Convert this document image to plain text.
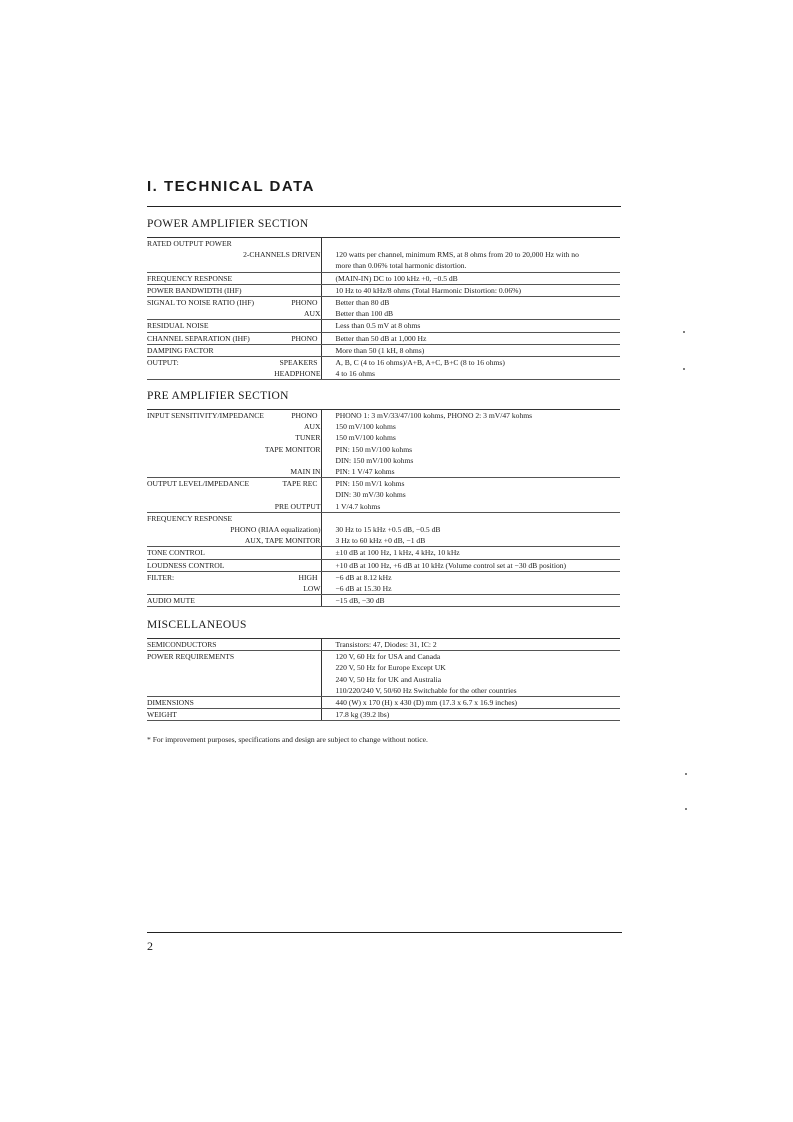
I. TECHNICAL DATA
POWER AMPLIFIER SECTION
RATED OUTPUT POWER	

2-CHANNELS DRIVEN	120 watts per channel, minimum RMS, at 8 ohms from 20 to 20,000 Hz with no
	more than 0.06% total harmonic distortion.
FREQUENCY RESPONSE	(MAIN-IN) DC to 100 kHz +0, −0.5 dB
POWER BANDWIDTH (IHF)	10 Hz to 40 kHz/8 ohms (Total Harmonic Distortion: 0.06%)
SIGNAL TO NOISE RATIO (IHF) PHONO	Better than 80 dB

AUX	Better than 100 dB
RESIDUAL NOISE	Less than 0.5 mV at 8 ohms
CHANNEL SEPARATION (IHF) PHONO	Better than 50 dB at 1,000 Hz
DAMPING FACTOR	More than 50 (1 kH, 8 ohms)
OUTPUT: SPEAKERS	A, B, C (4 to 16 ohms)/A+B, A+C, B+C (8 to 16 ohms)

HEADPHONE	4 to 16 ohms
PRE AMPLIFIER SECTION
INPUT SENSITIVITY/IMPEDANCE PHONO	PHONO 1: 3 mV/33/47/100 kohms, PHONO 2: 3 mV/47 kohms

AUX	150 mV/100 kohms

TUNER	150 mV/100 kohms

TAPE MONITOR	PIN: 150 mV/100 kohms
	DIN: 150 mV/100 kohms

MAIN IN	PIN: 1 V/47 kohms
OUTPUT LEVEL/IMPEDANCE TAPE REC	PIN: 150 mV/1 kohms
	DIN: 30 mV/30 kohms

PRE OUTPUT	1 V/4.7 kohms
FREQUENCY RESPONSE	

PHONO (RIAA equalization)	30 Hz to 15 kHz +0.5 dB, −0.5 dB

AUX, TAPE MONITOR	3 Hz to 60 kHz +0 dB, −1 dB
TONE CONTROL	±10 dB at 100 Hz, 1 kHz, 4 kHz, 10 kHz
LOUDNESS CONTROL	+10 dB at 100 Hz, +6 dB at 10 kHz (Volume control set at −30 dB position)
FILTER: HIGH	−6 dB at 8.12 kHz

LOW	−6 dB at 15.30 Hz
AUDIO MUTE	−15 dB, −30 dB
MISCELLANEOUS
SEMICONDUCTORS	Transistors: 47, Diodes: 31, IC: 2
POWER REQUIREMENTS	120 V, 60 Hz for USA and Canada
	220 V, 50 Hz for Europe Except UK
	240 V, 50 Hz for UK and Australia
	110/220/240 V, 50/60 Hz Switchable for the other countries
DIMENSIONS	440 (W) x 170 (H) x 430 (D) mm (17.3 x 6.7 x 16.9 inches)
WEIGHT	17.8 kg (39.2 lbs)
* For improvement purposes, specifications and design are subject to change without notice.
2
